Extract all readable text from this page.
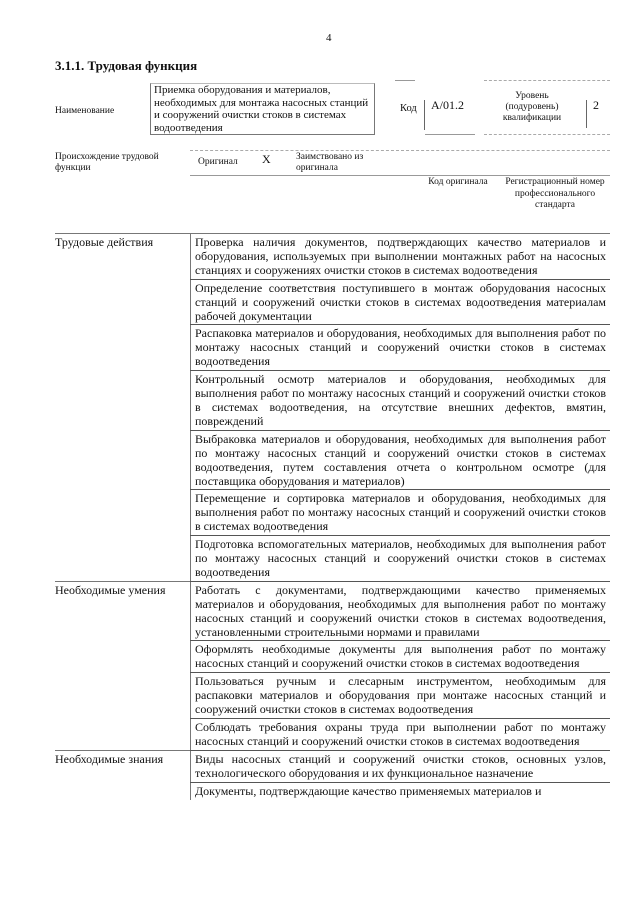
4
3.1.1. Трудовая функция
Наименование
Приемка оборудования и материалов, необходимых для монтажа насосных станций и сооружений очистки стоков в системах водоотведения
Код	A/01.2
Уровень (подуровень) квалификации
2
Происхождение трудовой функции
Оригинал X	Заимствовано из оригинала
Код оригинала	Регистрационный номер профессионального стандарта
Трудовые действия	Проверка наличия документов, подтверждающих качество материалов и оборудования, используемых при выполнении монтажных работ на насосных станциях и сооружениях очистки стоков в системах водоотведения
	Определение соответствия поступившего в монтаж оборудования насосных станций и сооружений очистки стоков в системах водоотведения материалам рабочей документации
	Распаковка материалов и оборудования, необходимых для выполнения работ по монтажу насосных станций и сооружений очистки стоков в системах водоотведения
	Контрольный осмотр материалов и оборудования, необходимых для выполнения работ по монтажу насосных станций и сооружений очистки стоков в системах водоотведения, на отсутствие внешних дефектов, вмятин, повреждений
	Выбраковка материалов и оборудования, необходимых для выполнения работ по монтажу насосных станций и сооружений очистки стоков в системах водоотведения, путем составления отчета о контрольном осмотре (для поставщика оборудования и материалов)
	Перемещение и сортировка материалов и оборудования, необходимых для выполнения работ по монтажу насосных станций и сооружений очистки стоков в системах водоотведения
	Подготовка вспомогательных материалов, необходимых для выполнения работ по монтажу насосных станций и сооружений очистки стоков в системах водоотведения
Необходимые умения	Работать с документами, подтверждающими качество применяемых материалов и оборудования, необходимых для выполнения работ по монтажу насосных станций и сооружений очистки стоков в системах водоотведения, установленными строительными нормами и правилами
	Оформлять необходимые документы для выполнения работ по монтажу насосных станций и сооружений очистки стоков в системах водоотведения
	Пользоваться ручным и слесарным инструментом, необходимым для распаковки материалов и оборудования при монтаже насосных станций и сооружений очистки стоков в системах водоотведения
	Соблюдать требования охраны труда при выполнении работ по монтажу насосных станций и сооружений очистки стоков в системах водоотведения
Необходимые знания	Виды насосных станций и сооружений очистки стоков, основных узлов, технологического оборудования и их функциональное назначение
	Документы, подтверждающие качество применяемых материалов и
